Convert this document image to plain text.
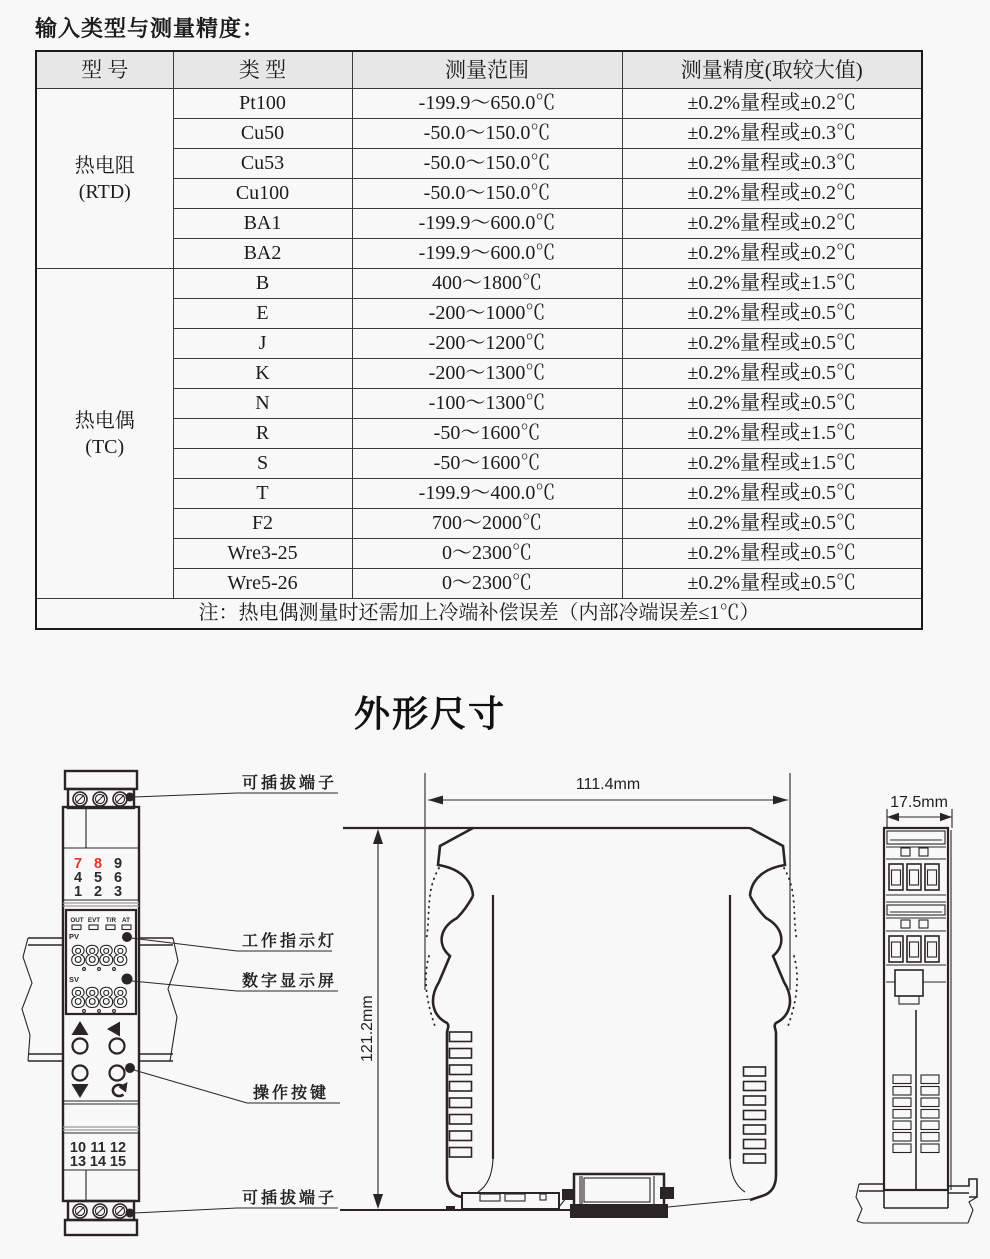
输入类型与测量精度：
型 号	类 型	测量范围	测量精度(取较大值)

热电阻
(RTD)	Pt100	-199.9～650.0℃	±0.2%量程或±0.2℃
	Cu50	-50.0～150.0℃	±0.2%量程或±0.3℃
	Cu53	-50.0～150.0℃	±0.2%量程或±0.3℃
	Cu100	-50.0～150.0℃	±0.2%量程或±0.2℃
	BA1	-199.9～600.0℃	±0.2%量程或±0.2℃
	BA2	-199.9～600.0℃	±0.2%量程或±0.2℃

热电偶
(TC)	B	400～1800℃	±0.2%量程或±1.5℃
	E	-200～1000℃	±0.2%量程或±0.5℃
	J	-200～1200℃	±0.2%量程或±0.5℃
	K	-200～1300℃	±0.2%量程或±0.5℃
	N	-100～1300℃	±0.2%量程或±0.5℃
	R	-50～1600℃	±0.2%量程或±1.5℃
	S	-50～1600℃	±0.2%量程或±1.5℃
	T	-199.9～400.0℃	±0.2%量程或±0.5℃
	F2	700～2000℃	±0.2%量程或±0.5℃
	Wre3-25	0～2300℃	±0.2%量程或±0.5℃
	Wre5-26	0～2300℃	±0.2%量程或±0.5℃
注：热电偶测量时还需加上冷端补偿误差（内部冷端误差≤1℃）			
外形尺寸
7 8 9
4 5 6
1 2 3
OUT EVT T/R AT
PV
8888
SV
8888
10 11 12
13 14 15
可插拔端子
工作指示灯
数字显示屏
操作按键
可插拔端子
111.4mm
121.2mm
17.5mm
